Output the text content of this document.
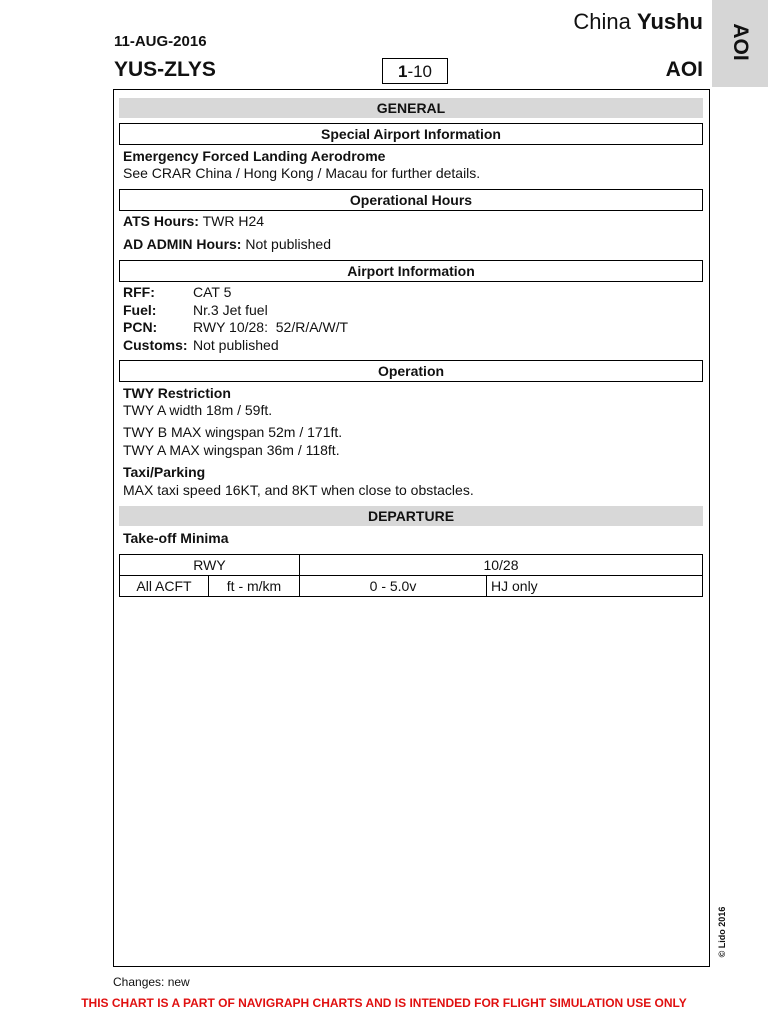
11-AUG-2016
YUS-ZLYS
China Yushu
1-10	AOI
AOI
GENERAL
Special Airport Information
Emergency Forced Landing Aerodrome
See CRAR China / Hong Kong / Macau for further details.
Operational Hours
ATS Hours: TWR H24
AD ADMIN Hours: Not published
Airport Information
RFF:	CAT 5
Fuel:	Nr.3 Jet fuel
PCN:	RWY 10/28:  52/R/A/W/T
Customs: Not published
Operation
TWY Restriction
TWY A width 18m / 59ft.
TWY B MAX wingspan 52m / 171ft.
TWY A MAX wingspan 36m / 118ft.
Taxi/Parking
MAX taxi speed 16KT, and 8KT when close to obstacles.
DEPARTURE
Take-off Minima
RWY		10/28	
All ACFT	ft - m/km	0 - 5.0v	HJ only
© Lido 2016
Changes: new
THIS CHART IS A PART OF NAVIGRAPH CHARTS AND IS INTENDED FOR FLIGHT SIMULATION USE ONLY
